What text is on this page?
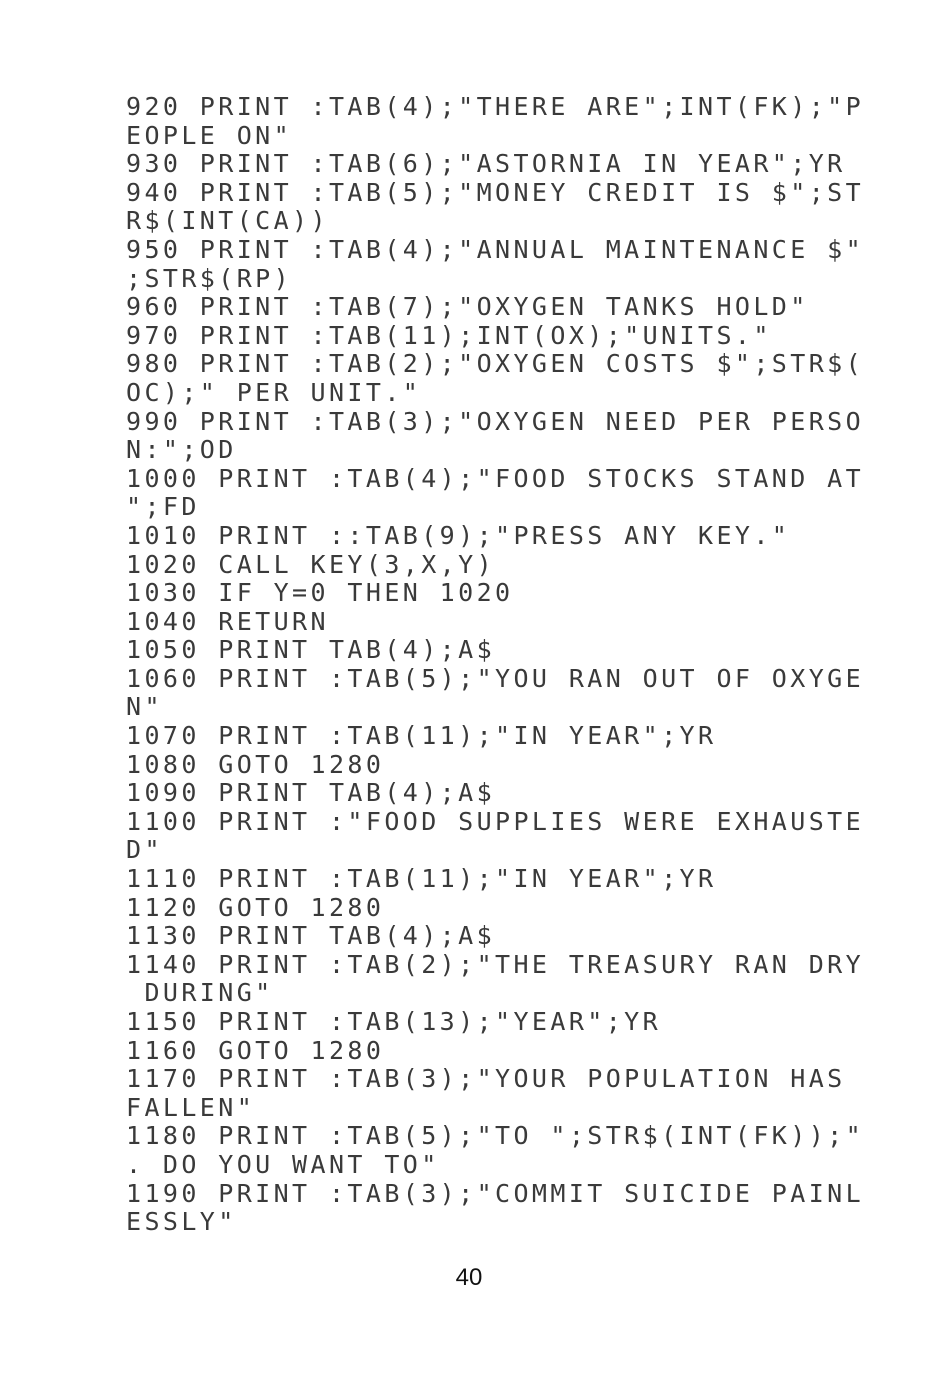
920 PRINT :TAB(4);"THERE ARE";INT(FK);"P
EOPLE ON"
930 PRINT :TAB(6);"ASTORNIA IN YEAR";YR
940 PRINT :TAB(5);"MONEY CREDIT IS $";ST
R$(INT(CA))
950 PRINT :TAB(4);"ANNUAL MAINTENANCE $"
;STR$(RP)
960 PRINT :TAB(7);"OXYGEN TANKS HOLD"
970 PRINT :TAB(11);INT(OX);"UNITS."
980 PRINT :TAB(2);"OXYGEN COSTS $";STR$(
OC);" PER UNIT."
990 PRINT :TAB(3);"OXYGEN NEED PER PERSO
N:";OD
1000 PRINT :TAB(4);"FOOD STOCKS STAND AT
";FD
1010 PRINT ::TAB(9);"PRESS ANY KEY."
1020 CALL KEY(3,X,Y)
1030 IF Y=0 THEN 1020
1040 RETURN
1050 PRINT TAB(4);A$
1060 PRINT :TAB(5);"YOU RAN OUT OF OXYGE
N"
1070 PRINT :TAB(11);"IN YEAR";YR
1080 GOTO 1280
1090 PRINT TAB(4);A$
1100 PRINT :"FOOD SUPPLIES WERE EXHAUSTE
D"
1110 PRINT :TAB(11);"IN YEAR";YR
1120 GOTO 1280
1130 PRINT TAB(4);A$
1140 PRINT :TAB(2);"THE TREASURY RAN DRY
DURING"
1150 PRINT :TAB(13);"YEAR";YR
1160 GOTO 1280
1170 PRINT :TAB(3);"YOUR POPULATION HAS
FALLEN"
1180 PRINT :TAB(5);"TO ";STR$(INT(FK));"
. DO YOU WANT TO"
1190 PRINT :TAB(3);"COMMIT SUICIDE PAINL
ESSLY"
40
